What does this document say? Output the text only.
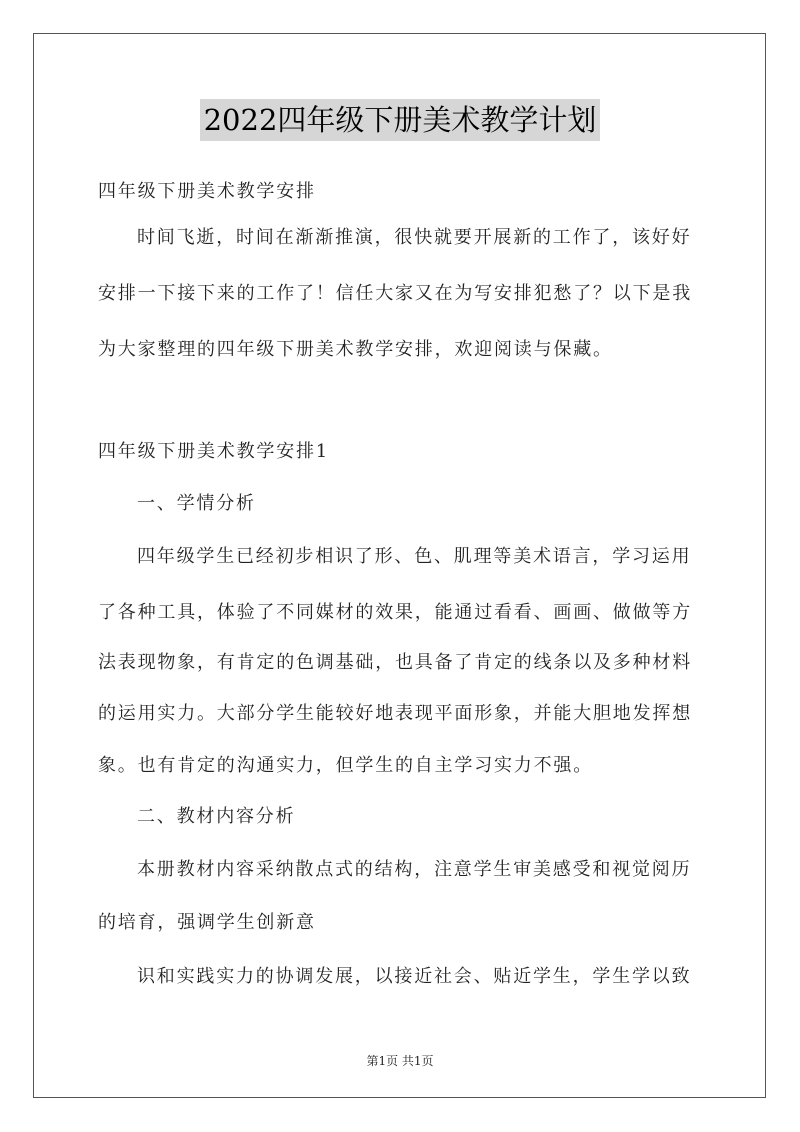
2022四年级下册美术教学计划
四年级下册美术教学安排
时间飞逝，时间在渐渐推演，很快就要开展新的工作了，该好好
安排一下接下来的工作了！信任大家又在为写安排犯愁了？以下是我
为大家整理的四年级下册美术教学安排，欢迎阅读与保藏。
四年级下册美术教学安排1
一、学情分析
四年级学生已经初步相识了形、色、肌理等美术语言，学习运用
了各种工具，体验了不同媒材的效果，能通过看看、画画、做做等方
法表现物象，有肯定的色调基础，也具备了肯定的线条以及多种材料
的运用实力。大部分学生能较好地表现平面形象，并能大胆地发挥想
象。也有肯定的沟通实力，但学生的自主学习实力不强。
二、教材内容分析
本册教材内容采纳散点式的结构，注意学生审美感受和视觉阅历
的培育，强调学生创新意
识和实践实力的协调发展，以接近社会、贴近学生，学生学以致
第1页 共1页
